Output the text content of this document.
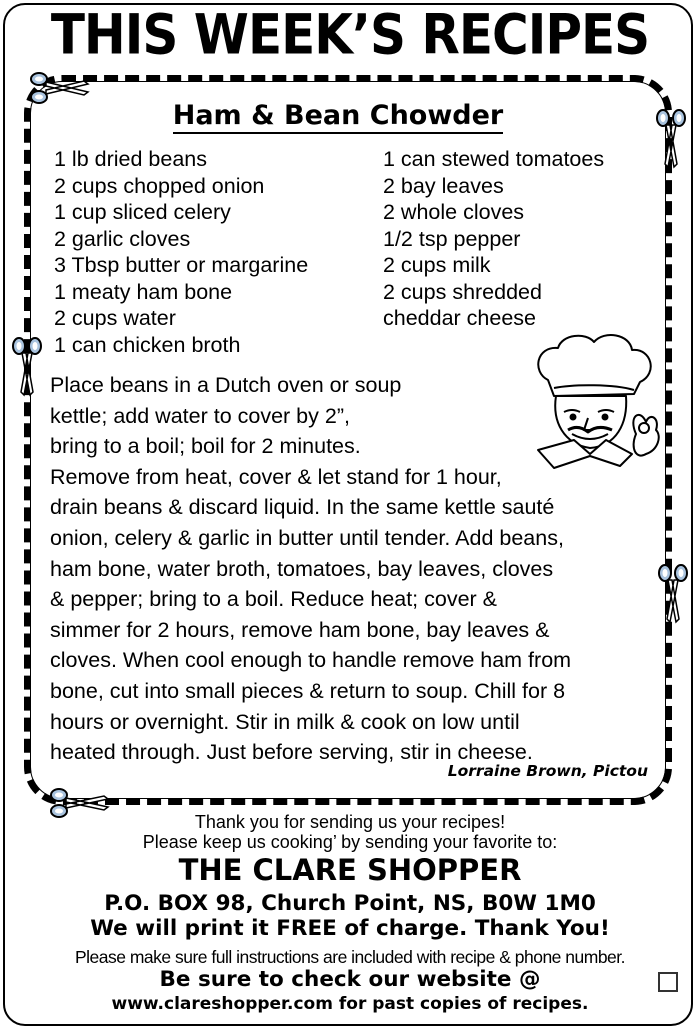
THIS WEEK’S RECIPES
Ham & Bean Chowder
1 lb dried beans
2 cups chopped onion
1 cup sliced celery
2 garlic cloves
3 Tbsp butter or margarine
1 meaty ham bone
2 cups water
1 can chicken broth
1 can stewed tomatoes
2 bay leaves
2 whole cloves
1/2 tsp pepper
2 cups milk
2 cups shredded
cheddar cheese
Place beans in a Dutch oven or soup
kettle; add water to cover by 2”,
bring to a boil; boil for 2 minutes.
Remove from heat, cover & let stand for 1 hour,
drain beans & discard liquid. In the same kettle sauté
onion, celery & garlic in butter until tender. Add beans,
ham bone, water broth, tomatoes, bay leaves, cloves
& pepper; bring to a boil. Reduce heat; cover &
simmer for 2 hours, remove ham bone, bay leaves &
cloves. When cool enough to handle remove ham from
bone, cut into small pieces & return to soup. Chill for 8
hours or overnight. Stir in milk & cook on low until
heated through. Just before serving, stir in cheese.
Lorraine Brown, Pictou
Thank you for sending us your recipes!
Please keep us cooking’ by sending your favorite to:
THE CLARE SHOPPER
P.O. BOX 98, Church Point, NS, B0W 1M0
We will print it FREE of charge. Thank You!
Please make sure full instructions are included with recipe & phone number.
Be sure to check our website @
www.clareshopper.com for past copies of recipes.
